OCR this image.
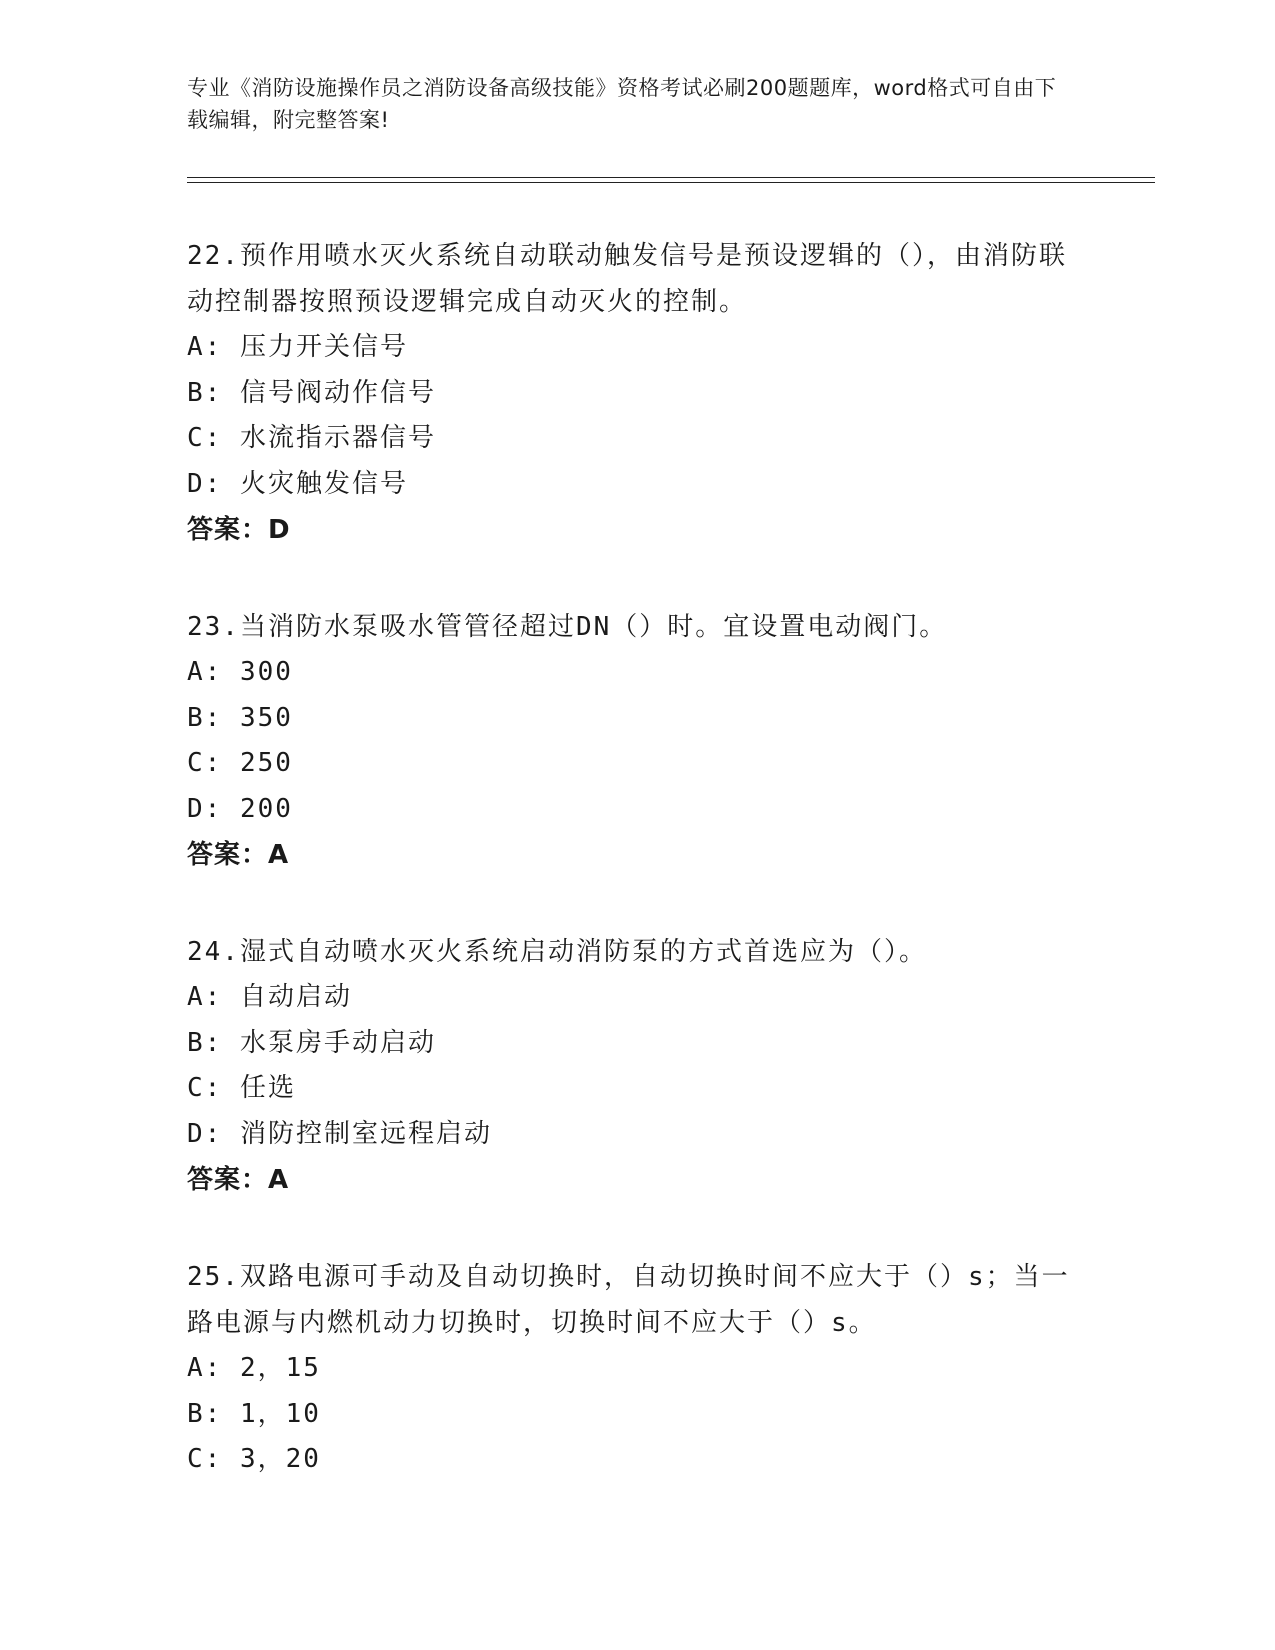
专业《消防设施操作员之消防设备高级技能》资格考试必刷200题题库，word格式可自由下载编辑，附完整答案!
22.预作用喷水灭火系统自动联动触发信号是预设逻辑的（），由消防联动控制器按照预设逻辑完成自动灭火的控制。
A: 压力开关信号
B: 信号阀动作信号
C: 水流指示器信号
D: 火灾触发信号
答案：D
23.当消防水泵吸水管管径超过DN（）时。宜设置电动阀门。
A: 300
B: 350
C: 250
D: 200
答案：A
24.湿式自动喷水灭火系统启动消防泵的方式首选应为（）。
A: 自动启动
B: 水泵房手动启动
C: 任选
D: 消防控制室远程启动
答案：A
25.双路电源可手动及自动切换时，自动切换时间不应大于（）s；当一路电源与内燃机动力切换时，切换时间不应大于（）s。
A: 2，15
B: 1，10
C: 3，20
